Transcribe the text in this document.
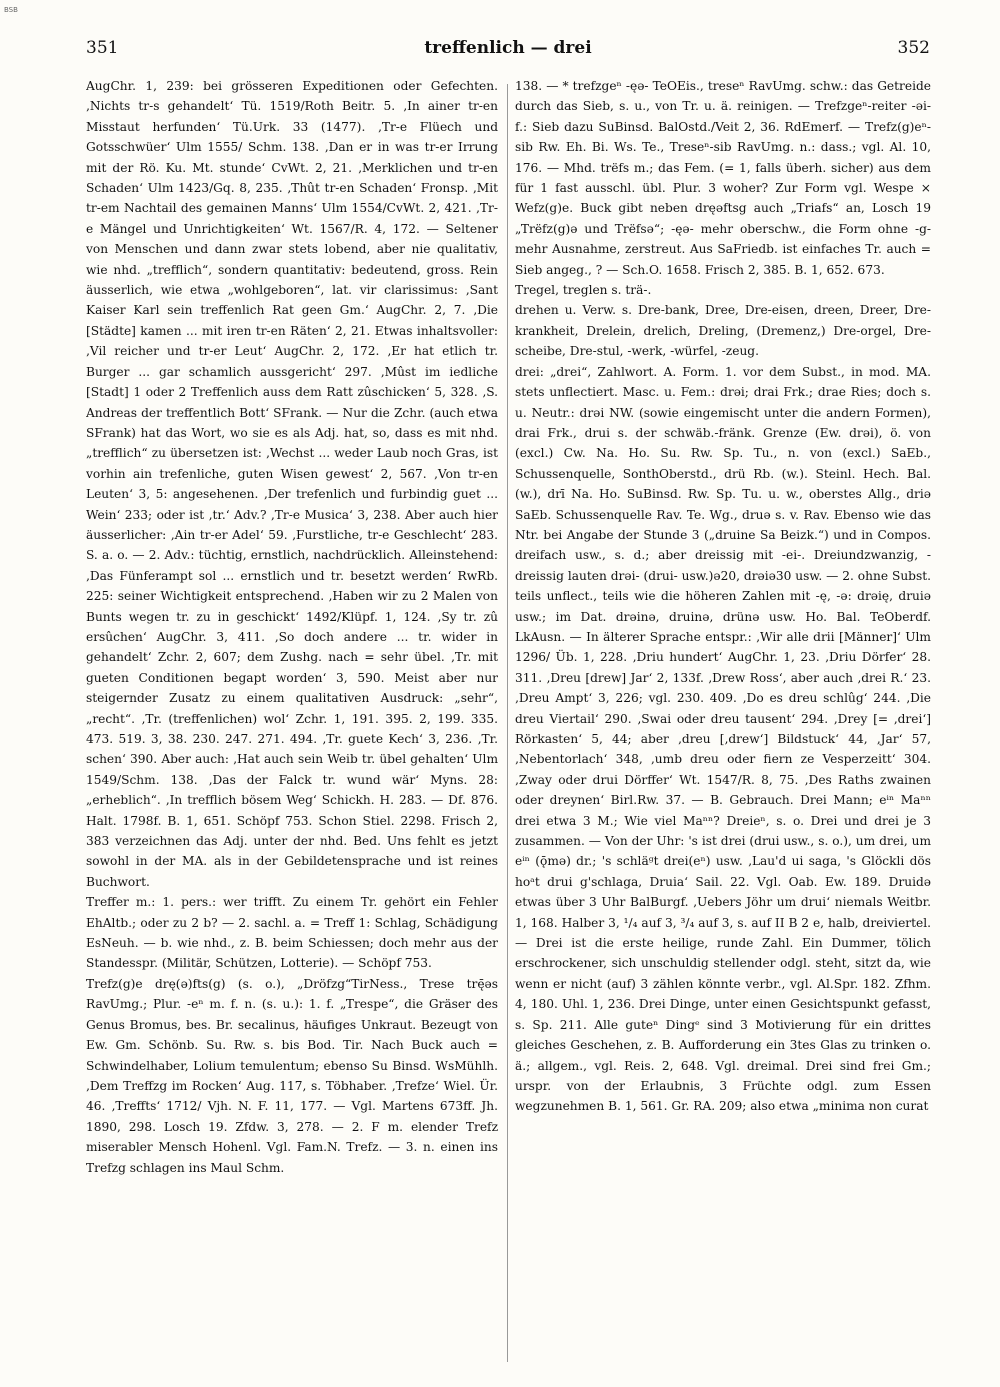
BSB
351	treffenlich — drei	352

AugChr. 1, 239: bei grösseren Expeditionen oder Gefechten. ‚Nichts tr-s gehandelt‘ Tü. 1519/Roth Beitr. 5. ‚In ainer tr-en Misstaut herfunden‘ Tü.Urk. 33 (1477). ‚Tr-e Flüech und Gotsschwüer‘ Ulm 1555/ Schm. 138. ‚Dan er in was tr-er Irrung mit der Rö. Ku. Mt. stunde‘ CvWt. 2, 21. ‚Merklichen und tr-en Schaden‘ Ulm 1423/Gq. 8, 235. ‚Thût tr-en Schaden‘ Fronsp. ‚Mit tr-em Nachtail des gemainen Manns‘ Ulm 1554/CvWt. 2, 421. ‚Tr-e Mängel und Unrichtigkeiten‘ Wt. 1567/R. 4, 172. — Seltener von Menschen und dann zwar stets lobend, aber nie qualitativ, wie nhd. „trefflich“, sondern quantitativ: bedeutend, gross. Rein äusserlich, wie etwa „wohlgeboren“, lat. vir clarissimus: ‚Sant Kaiser Karl sein treffenlich Rat geen Gm.‘ AugChr. 2, 7. ‚Die [Städte] kamen ... mit iren tr-en Räten‘ 2, 21. Etwas inhaltsvoller: ‚Vil reicher und tr-er Leut‘ AugChr. 2, 172. ‚Er hat etlich tr. Burger ... gar schamlich aussgericht‘ 297. ‚Mûst im iedliche [Stadt] 1 oder 2 Treffenlich auss dem Ratt zûschicken‘ 5, 328. ‚S. Andreas der treffentlich Bott‘ SFrank. — Nur die Zchr. (auch etwa SFrank) hat das Wort, wo sie es als Adj. hat, so, dass es mit nhd. „trefflich“ zu übersetzen ist: ‚Wechst ... weder Laub noch Gras, ist vorhin ain trefenliche, guten Wisen gewest‘ 2, 567. ‚Von tr-en Leuten‘ 3, 5: angesehenen. ‚Der trefenlich und furbindig guet ... Wein‘ 233; oder ist ‚tr.‘ Adv.? ‚Tr-e Musica‘ 3, 238. Aber auch hier äusserlicher: ‚Ain tr-er Adel‘ 59. ‚Furstliche, tr-e Geschlecht‘ 283. S. a. o. — 2. Adv.: tüchtig, ernstlich, nachdrücklich. Alleinstehend: ‚Das Fünferampt sol ... ernstlich und tr. besetzt werden‘ RwRb. 225: seiner Wichtigkeit entsprechend. ‚Haben wir zu 2 Malen von Bunts wegen tr. zu in geschickt‘ 1492/Klüpf. 1, 124. ‚Sy tr. zû ersûchen‘ AugChr. 3, 411. ‚So doch andere ... tr. wider in gehandelt‘ Zchr. 2, 607; dem Zushg. nach = sehr übel. ‚Tr. mit gueten Conditionen begapt worden‘ 3, 590. Meist aber nur steigernder Zusatz zu einem qualitativen Ausdruck: „sehr“, „recht“. ‚Tr. (treffenlichen) wol‘ Zchr. 1, 191. 395. 2, 199. 335. 473. 519. 3, 38. 230. 247. 271. 494. ‚Tr. guete Kech‘ 3, 236. ‚Tr. schen‘ 390. Aber auch: ‚Hat auch sein Weib tr. übel gehalten‘ Ulm 1549/Schm. 138. ‚Das der Falck tr. wund wär‘ Myns. 28: „erheblich“. ‚In trefflich bösem Weg‘ Schickh. H. 283. — Df. 876. Halt. 1798f. B. 1, 651. Schöpf 753. Schon Stiel. 2298. Frisch 2, 383 verzeichnen das Adj. unter der nhd. Bed. Uns fehlt es jetzt sowohl in der MA. als in der Gebildetensprache und ist reines Buchwort.

Treffer m.: 1. pers.: wer trifft. Zu einem Tr. gehört ein Fehler EhAltb.; oder zu 2 b? — 2. sachl. a. = Treff 1: Schlag, Schädigung EsNeuh. — b. wie nhd., z. B. beim Schiessen; doch mehr aus der Standesspr. (Militär, Schützen, Lotterie). — Schöpf 753.

Trefz(g)e drę(ə)fts(g) (s. o.), „Dröfzg“TirNess., Trese trę̄əs RavUmg.; Plur. -eⁿ m. f. n. (s. u.): 1. f. „Trespe“, die Gräser des Genus Bromus, bes. Br. secalinus, häufiges Unkraut. Bezeugt von Ew. Gm. Schönb. Su. Rw. s. bis Bod. Tir. Nach Buck auch = Schwindelhaber, Lolium temulentum; ebenso Su Binsd. WsMühlh. ‚Dem Treffzg im Rocken‘ Aug. 117, s. Töbhaber. ‚Trefze‘ Wiel. Ür. 46. ‚Treffts‘ 1712/ Vjh. N. F. 11, 177. — Vgl. Martens 673ff. Jh. 1890, 298. Losch 19. Zfdw. 3, 278. — 2. F m. elender Trefz miserabler Mensch Hohenl. Vgl. Fam.N. Trefz. — 3. n. einen ins Trefzg schlagen ins Maul Schm.

138. — * trefzgeⁿ -ęə- TeOEis., treseⁿ RavUmg. schw.: das Getreide durch das Sieb, s. u., von Tr. u. ä. reinigen. — Trefzgeⁿ-reiter -əi- f.: Sieb dazu SuBinsd. BalOstd./Veit 2, 36. RdEmerf. — Trefz(g)eⁿ-sib Rw. Eh. Bi. Ws. Te., Treseⁿ-sib RavUmg. n.: dass.; vgl. Al. 10, 176. — Mhd. trëfs m.; das Fem. (= 1, falls überh. sicher) aus dem für 1 fast ausschl. übl. Plur. 3 woher? Zur Form vgl. Wespe × Wefz(g)e. Buck gibt neben dręəftsg auch „Triafs“ an, Losch 19 „Trëfz(g)ə und Trëfsə“; -ęə- mehr oberschw., die Form ohne -g- mehr Ausnahme, zerstreut. Aus SaFriedb. ist einfaches Tr. auch = Sieb angeg., ? — Sch.O. 1658. Frisch 2, 385. B. 1, 652. 673.

Tregel, treglen s. trä-.

drehen u. Verw. s. Dre-bank, Dree, Dre-eisen, dreen, Dreer, Dre-krankheit, Drelein, drelich, Dreling, (Dremenz,) Dre-orgel, Dre-scheibe, Dre-stul, -werk, -würfel, -zeug.

drei: „drei“, Zahlwort. A. Form. 1. vor dem Subst., in mod. MA. stets unflectiert. Masc. u. Fem.: drəi; drai Frk.; drae Ries; doch s. u. Neutr.: drəi NW. (sowie eingemischt unter die andern Formen), drai Frk., drui s. der schwäb.-fränk. Grenze (Ew. drəi), ö. von (excl.) Cw. Na. Ho. Su. Rw. Sp. Tu., n. von (excl.) SaEb., Schussenquelle, SonthOberstd., drü Rb. (w.). Steinl. Hech. Bal. (w.), drī Na. Ho. SuBinsd. Rw. Sp. Tu. u. w., oberstes Allg., driə SaEb. Schussenquelle Rav. Te. Wg., druə s. v. Rav. Ebenso wie das Ntr. bei Angabe der Stunde 3 („druine Sa Beizk.“) und in Compos. dreifach usw., s. d.; aber dreissig mit -ei-. Dreiundzwanzig, -dreissig lauten drəi- (drui- usw.)ə20, drəiə30 usw. — 2. ohne Subst. teils unflect., teils wie die höheren Zahlen mit -ę, -ə: drəię, druiə usw.; im Dat. drəinə, druinə, drünə usw. Ho. Bal. TeOberdf. LkAusn. — In älterer Sprache entspr.: ‚Wir alle drii [Männer]‘ Ulm 1296/ Üb. 1, 228. ‚Driu hundert‘ AugChr. 1, 23. ‚Driu Dörfer‘ 28. 311. ‚Dreu [drew] Jar‘ 2, 133f. ‚Drew Ross‘, aber auch ‚drei R.‘ 23. ‚Dreu Ampt‘ 3, 226; vgl. 230. 409. ‚Do es dreu schlûg‘ 244. ‚Die dreu Viertail‘ 290. ‚Swai oder dreu tausent‘ 294. ‚Drey [= ‚drei‘] Rörkasten‘ 5, 44; aber ‚dreu [‚drew‘] Bildstuck‘ 44, ‚Jar‘ 57, ‚Nebentorlach‘ 348, ‚umb dreu oder fiern ze Vesperzeitt‘ 304. ‚Zway oder drui Dörffer‘ Wt. 1547/R. 8, 75. ‚Des Raths zwainen oder dreynen‘ Birl.Rw. 37. — B. Gebrauch. Drei Mann; eⁱⁿ Maⁿⁿ drei etwa 3 M.; Wie viel Maⁿⁿ? Dreieⁿ, s. o. Drei und drei je 3 zusammen. — Von der Uhr: 's ist drei (drui usw., s. o.), um drei, um eⁱⁿ (ǭmə) dr.; 's schläᵍt drei(eⁿ) usw. ‚Lau'd ui saga, 's Glöckli dös hoᵃt drui g'schlaga, Druia‘ Sail. 22. Vgl. Oab. Ew. 189. Druidə etwas über 3 Uhr BalBurgf. ‚Uebers Jöhr um drui‘ niemals Weitbr. 1, 168. Halber 3, ¹/₄ auf 3, ³/₄ auf 3, s. auf II B 2 e, halb, dreiviertel. — Drei ist die erste heilige, runde Zahl. Ein Dummer, tölich erschrockener, sich unschuldig stellender odgl. steht, sitzt da, wie wenn er nicht (auf) 3 zählen könnte verbr., vgl. Al.Spr. 182. Zfhm. 4, 180. Uhl. 1, 236. Drei Dinge, unter einen Gesichtspunkt gefasst, s. Sp. 211. Alle guteⁿ Dingᵉ sind 3 Motivierung für ein drittes gleiches Geschehen, z. B. Aufforderung ein 3tes Glas zu trinken o. ä.; allgem., vgl. Reis. 2, 648. Vgl. dreimal. Drei sind frei Gm.; urspr. von der Erlaubnis, 3 Früchte odgl. zum Essen wegzunehmen B. 1, 561. Gr. RA. 209; also etwa „minima non curat
